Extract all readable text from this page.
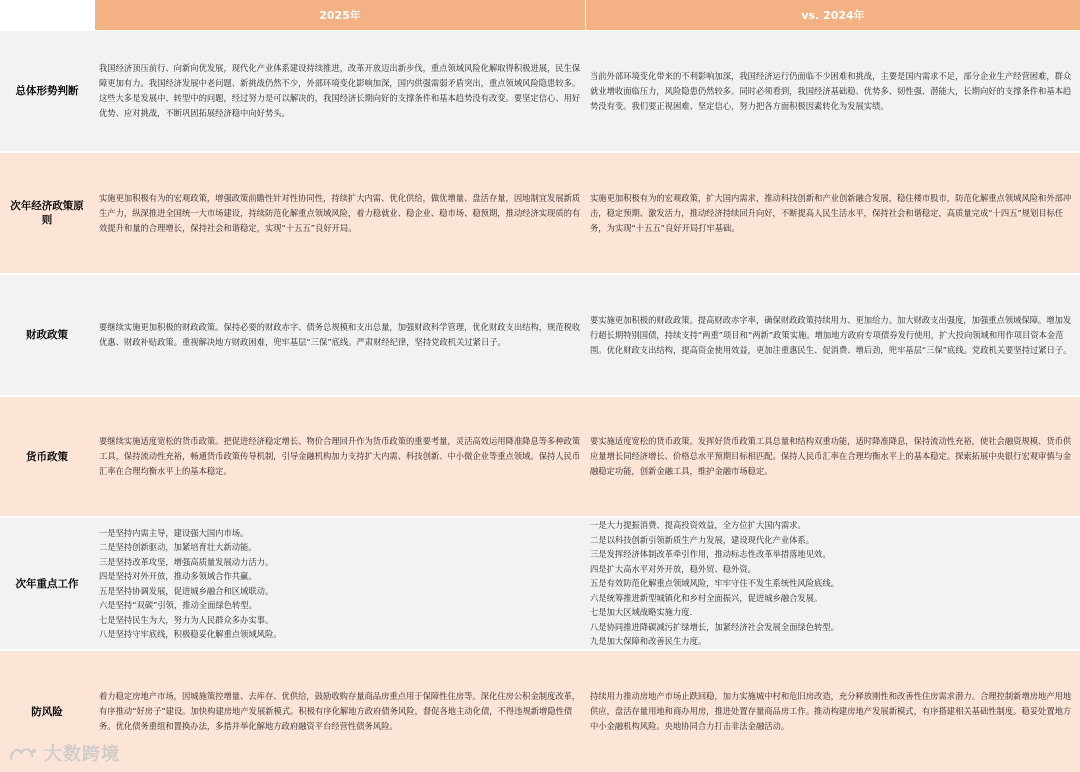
2025年	vs. 2024年
总体形势判断
我国经济顶压前行、向新向优发展，现代化产业体系建设持续推进，改革开放迈出新步伐，重点领域风险化解取得积极进展，民生保障更加有力。我国经济发展中老问题、新挑战仍然不少，外部环境变化影响加深，国内供强需弱矛盾突出，重点领域风险隐患较多。这些大多是发展中、转型中的问题，经过努力是可以解决的，我国经济长期向好的支撑条件和基本趋势没有改变。要坚定信心、用好优势、应对挑战，不断巩固拓展经济稳中向好势头。
当前外部环境变化带来的不利影响加深，我国经济运行仍面临不少困难和挑战，主要是国内需求不足，部分企业生产经营困难，群众就业增收面临压力，风险隐患仍然较多。同时必须看到，我国经济基础稳、优势多、韧性强、潜能大，长期向好的支撑条件和基本趋势没有变。我们要正视困难、坚定信心，努力把各方面积极因素转化为发展实绩。
次年经济政策原则
实施更加积极有为的宏观政策，增强政策前瞻性针对性协同性，持续扩大内需、优化供给，做优增量、盘活存量，因地制宜发展新质生产力，纵深推进全国统一大市场建设，持续防范化解重点领域风险，着力稳就业、稳企业、稳市场、稳预期，推动经济实现质的有效提升和量的合理增长，保持社会和谐稳定，实现“十五五”良好开局。
实施更加积极有为的宏观政策，扩大国内需求，推动科技创新和产业创新融合发展，稳住楼市股市，防范化解重点领域风险和外部冲击，稳定预期、激发活力，推动经济持续回升向好，不断提高人民生活水平，保持社会和谐稳定，高质量完成“十四五”规划目标任务，为实现“十五五”良好开局打牢基础。
财政政策
要继续实施更加积极的财政政策。保持必要的财政赤字、债务总规模和支出总量，加强财政科学管理，优化财政支出结构，规范税收优惠、财政补贴政策。重视解决地方财政困难，兜牢基层“三保”底线。严肃财经纪律，坚持党政机关过紧日子。
要实施更加积极的财政政策。提高财政赤字率，确保财政政策持续用力、更加给力。加大财政支出强度，加强重点领域保障。增加发行超长期特别国债，持续支持“两重”项目和“两新”政策实施。增加地方政府专项债券发行使用，扩大投向领域和用作项目资本金范围。优化财政支出结构，提高资金使用效益，更加注重惠民生、促消费、增后劲，兜牢基层“三保”底线。党政机关要坚持过紧日子。
货币政策
要继续实施适度宽松的货币政策。把促进经济稳定增长、物价合理回升作为货币政策的重要考量，灵活高效运用降准降息等多种政策工具，保持流动性充裕，畅通货币政策传导机制，引导金融机构加力支持扩大内需、科技创新、中小微企业等重点领域。保持人民币汇率在合理均衡水平上的基本稳定。
要实施适度宽松的货币政策。发挥好货币政策工具总量和结构双重功能，适时降准降息，保持流动性充裕，使社会融资规模、货币供应量增长同经济增长、价格总水平预期目标相匹配。保持人民币汇率在合理均衡水平上的基本稳定。探索拓展中央银行宏观审慎与金融稳定功能，创新金融工具，维护金融市场稳定。
次年重点工作
一是坚持内需主导，建设强大国内市场。
二是坚持创新驱动，加紧培育壮大新动能。
三是坚持改革攻坚，增强高质量发展动力活力。
四是坚持对外开放，推动多领域合作共赢。
五是坚持协调发展，促进城乡融合和区域联动。
六是坚持“双碳”引领，推动全面绿色转型。
七是坚持民生为大，努力为人民群众多办实事。
八是坚持守牢底线，积极稳妥化解重点领域风险。
一是大力提振消费、提高投资效益，全方位扩大国内需求。
二是以科技创新引领新质生产力发展，建设现代化产业体系。
三是发挥经济体制改革牵引作用，推动标志性改革举措落地见效。
四是扩大高水平对外开放，稳外贸、稳外资。
五是有效防范化解重点领域风险，牢牢守住不发生系统性风险底线。
六是统筹推进新型城镇化和乡村全面振兴，促进城乡融合发展。
七是加大区域战略实施力度.
八是协同推进降碳减污扩绿增长，加紧经济社会发展全面绿色转型。
九是加大保障和改善民生力度。
防风险
着力稳定房地产市场，因城施策控增量、去库存、优供给，鼓励收购存量商品房重点用于保障性住房等。深化住房公积金制度改革，有序推动“好房子”建设。加快构建房地产发展新模式。积极有序化解地方政府债务风险，督促各地主动化债，不得违规新增隐性债务。优化债务重组和置换办法，多措并举化解地方政府融资平台经营性债务风险。
持续用力推动房地产市场止跌回稳，加力实施城中村和危旧房改造，充分释放刚性和改善性住房需求潜力。合理控制新增房地产用地供应，盘活存量用地和商办用房，推进处置存量商品房工作。推动构建房地产发展新模式，有序搭建相关基础性制度。稳妥处置地方中小金融机构风险。央地协同合力打击非法金融活动。
大数跨境
